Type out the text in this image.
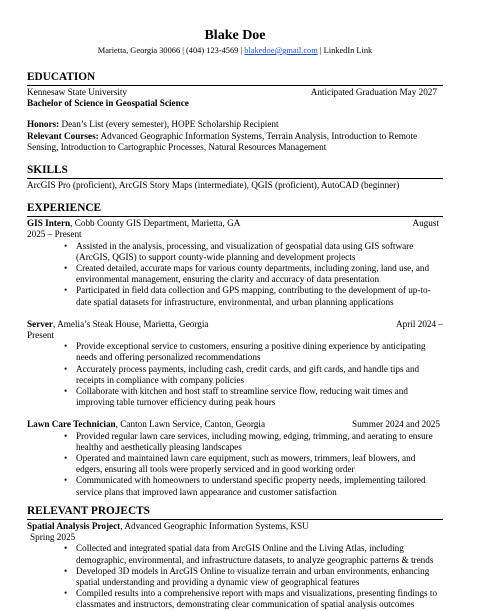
Blake Doe
Marietta, Georgia 30066 | (404) 123-4569 | blakedoe@gmail.com | LinkedIn Link
EDUCATION
Kennesaw State University	Anticipated Graduation May 2027
Bachelor of Science in Geospatial Science
Honors: Dean’s List (every semester), HOPE Scholarship Recipient
Relevant Courses: Advanced Geographic Information Systems, Terrain Analysis, Introduction to Remote Sensing, Introduction to Cartographic Processes, Natural Resources Management
SKILLS
ArcGIS Pro (proficient), ArcGIS Story Maps (intermediate), QGIS (proficient), AutoCAD (beginner)
EXPERIENCE
GIS Intern, Cobb County GIS Department, Marietta, GA	August
2025 – Present
• Assisted in the analysis, processing, and visualization of geospatial data using GIS software (ArcGIS, QGIS) to support county-wide planning and development projects
• Created detailed, accurate maps for various county departments, including zoning, land use, and environmental management, ensuring the clarity and accuracy of data presentation
• Participated in field data collection and GPS mapping, contributing to the development of up-to-date spatial datasets for infrastructure, environmental, and urban planning applications
Server, Amelia’s Steak House, Marietta, Georgia	April 2024 –
Present
• Provide exceptional service to customers, ensuring a positive dining experience by anticipating needs and offering personalized recommendations
• Accurately process payments, including cash, credit cards, and gift cards, and handle tips and receipts in compliance with company policies
• Collaborate with kitchen and host staff to streamline service flow, reducing wait times and improving table turnover efficiency during peak hours
Lawn Care Technician, Canton Lawn Service, Canton, Georgia	Summer 2024 and 2025
• Provided regular lawn care services, including mowing, edging, trimming, and aerating to ensure healthy and aesthetically pleasing landscapes
• Operated and maintained lawn care equipment, such as mowers, trimmers, leaf blowers, and edgers, ensuring all tools were properly serviced and in good working order
• Communicated with homeowners to understand specific property needs, implementing tailored service plans that improved lawn appearance and customer satisfaction
RELEVANT PROJECTS
Spatial Analysis Project, Advanced Geographic Information Systems, KSU
Spring 2025
• Collected and integrated spatial data from ArcGIS Online and the Living Atlas, including demographic, environmental, and infrastructure datasets, to analyze geographic patterns & trends
• Developed 3D models in ArcGIS Online to visualize terrain and urban environments, enhancing spatial understanding and providing a dynamic view of geographical features
• Compiled results into a comprehensive report with maps and visualizations, presenting findings to classmates and instructors, demonstrating clear communication of spatial analysis outcomes
